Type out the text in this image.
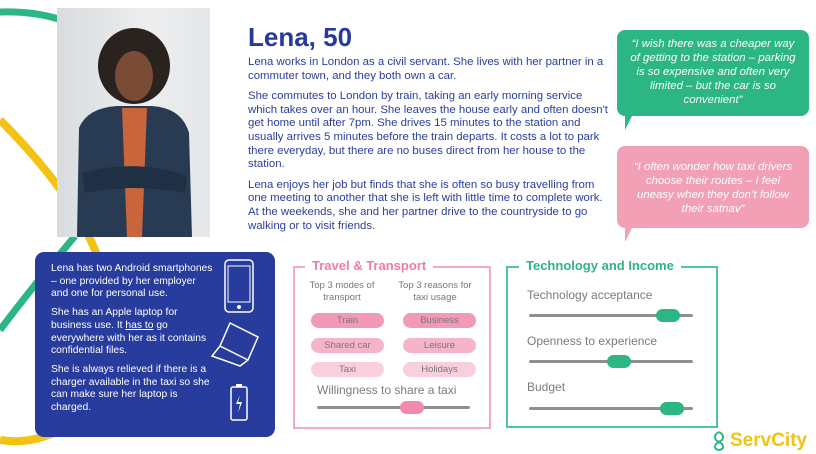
Lena, 50

Lena works in London as a civil servant. She lives with her partner in a commuter town, and they both own a car.

She commutes to London by train, taking an early morning service which takes over an hour. She leaves the house early and often doesn't get home until after 7pm. She drives 15 minutes to the station and usually arrives 5 minutes before the train departs. It costs a lot to park there everyday, but there are no buses direct from her house to the station.

Lena enjoys her job but finds that she is often so busy travelling from one meeting to another that she is left with little time to complete work. At the weekends, she and her partner drive to the countryside to go walking or to visit friends.

“I wish there was a cheaper way of getting to the station – parking is so expensive and often very limited – but the car is so convenient”
“I often wonder how taxi drivers choose their routes – I feel uneasy when they don’t follow their satnav”

Lena has two Android smartphones – one provided by her employer and one for personal use.

She has an Apple laptop for business use. It has to go everywhere with her as it contains confidential files.

She is always relieved if there is a charger available in the taxi so she can make sure her laptop is charged.

Travel & Transport
Top 3 modes of transport
Top 3 reasons for taxi usage
Train
Shared car
Taxi
Business
Leisure
Holidays
Willingness to share a taxi
Technology and Income
Technology acceptance
Openness to experience
Budget
ServCity
